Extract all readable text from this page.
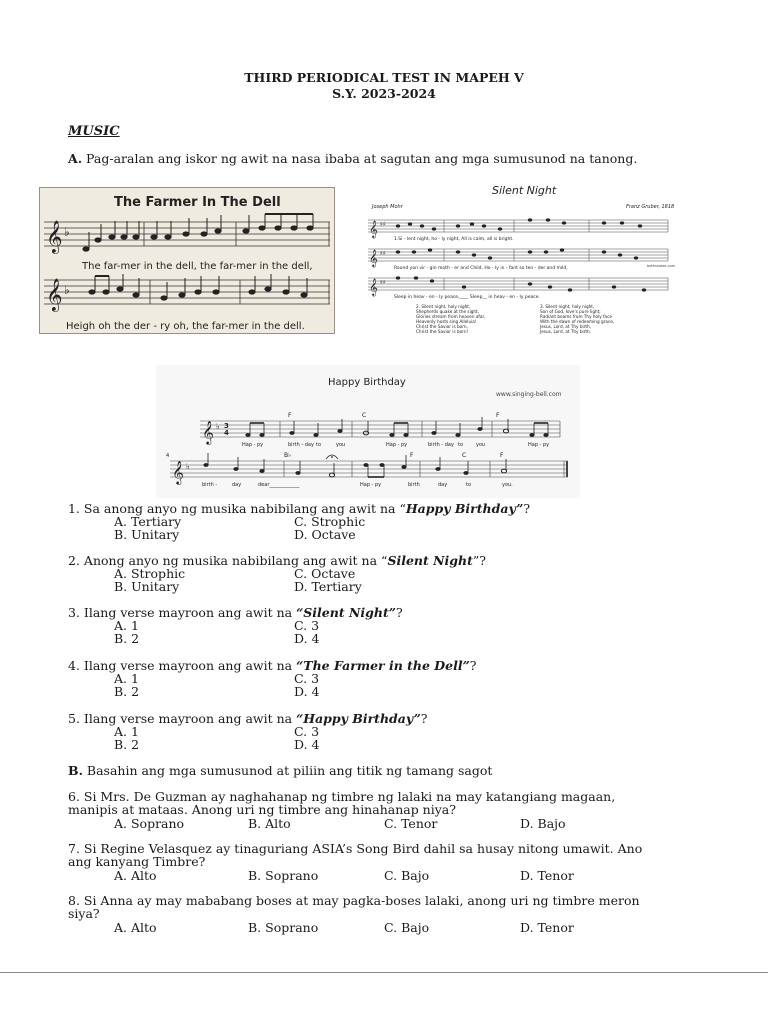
THIRD PERIODICAL TEST IN MAPEH V
S.Y. 2023-2024
MUSIC
A. Pag-aralan ang iskor ng awit na nasa ibaba at sagutan ang mga sumusunod na tanong.
The Farmer In The Dell
𝄞
𝄞
♭
♭
The far-mer in the dell, the far-mer in the dell,
Heigh oh the der - ry oh, the far-mer in the dell.
Silent Night
Joseph Mohr	Franz Gruber, 1818
𝄞
𝄞
𝄞
♯♯
♯♯
♯♯
1.Si - lent night, ho - ly night, All is calm, all is bright.
Round yon vir - gin moth - er and Child. Ho - ly in - fant so ten - der and mild,	bethsnotes.com
Sleep in heav - en - ly peace,____ Sleep__ in heav - en - ly peace.
2. Silent night, holy night,
Shepherds quake at the sight,
Glories stream from heaven afar,
Heavenly hosts sing Alleluia!
Christ the Savior is born,
Christ the Savior is born!
3. Silent night, holy night,
Son of God, love's pure light;
Radiant beams from Thy holy face
With the dawn of redeeming grace,
Jesus, Lord, at Thy birth,
Jesus, Lord, at Thy birth.
Happy Birthday
www.singing-bell.com
F	C	F
𝄞
𝄞
♭
♭
3
4
4	B♭	F	C	F
Hap - py	birth - day to	you	Hap - py	birth - day to	you	Hap - py
birth -	day	dear____________	Hap - py	birth	day	to	you.
1. Sa anong anyo ng musika nabibilang ang awit na “Happy Birthday”?
A. Tertiary	C. Strophic
B. Unitary	D. Octave
2. Anong anyo ng musika nabibilang ang awit na “Silent Night”?
A. Strophic	C. Octave
B. Unitary	D. Tertiary
3. Ilang verse mayroon ang awit na “Silent Night”?
A. 1	C. 3
B. 2	D. 4
4. Ilang verse mayroon ang awit na “The Farmer in the Dell”?
A. 1	C. 3
B. 2	D. 4
5. Ilang verse mayroon ang awit na “Happy Birthday”?
A. 1	C. 3
B. 2	D. 4
B. Basahin ang mga sumusunod at piliin ang titik ng tamang sagot
6. Si Mrs. De Guzman ay naghahanap ng timbre ng lalaki na may katangiang magaan,
manipis at mataas. Anong uri ng timbre ang hinahanap niya?
A. Soprano	B. Alto	C. Tenor	D. Bajo
7. Si Regine Velasquez ay tinaguriang ASIA’s Song Bird dahil sa husay nitong umawit. Ano
ang kanyang Timbre?
A. Alto	B. Soprano	C. Bajo	D. Tenor
8. Si Anna ay may mababang boses at may pagka-boses lalaki, anong uri ng timbre meron
siya?
A. Alto	B. Soprano	C. Bajo	D. Tenor
